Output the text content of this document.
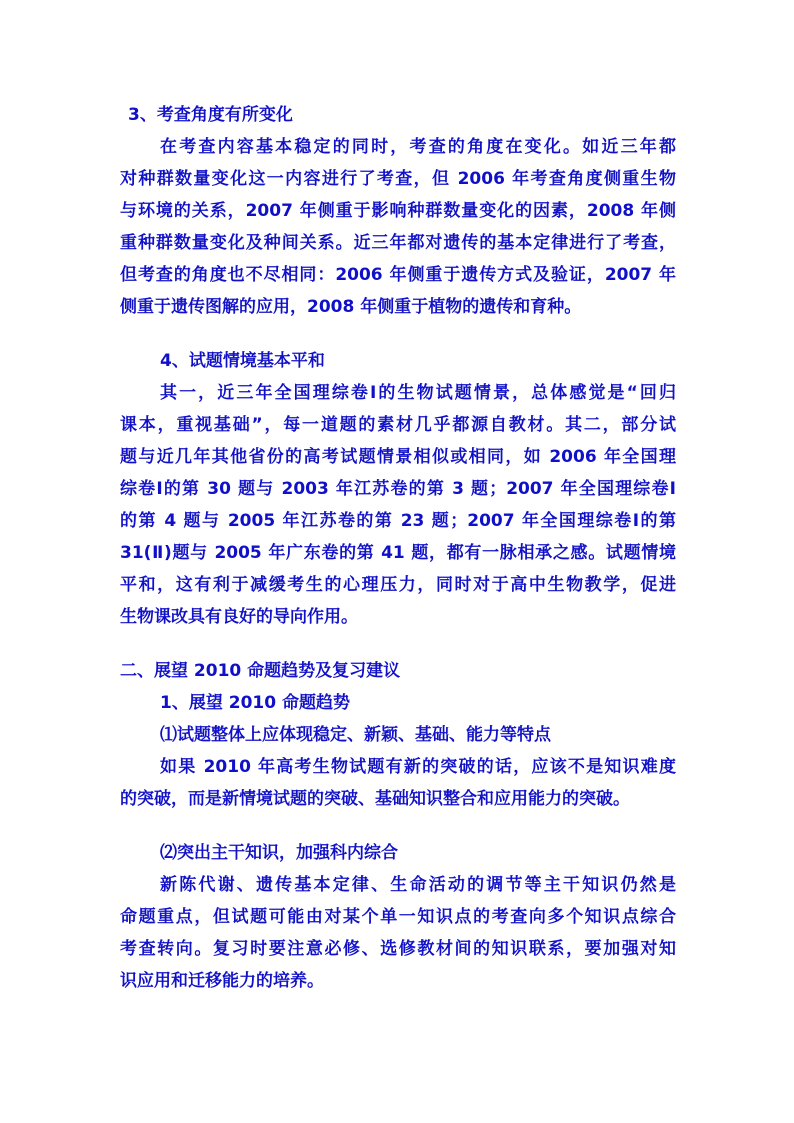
3、考查角度有所变化
在考查内容基本稳定的同时，考查的角度在变化。如近三年都
对种群数量变化这一内容进行了考查，但 2006 年考查角度侧重生物
与环境的关系，2007 年侧重于影响种群数量变化的因素，2008 年侧
重种群数量变化及种间关系。近三年都对遗传的基本定律进行了考查，
但考查的角度也不尽相同：2006 年侧重于遗传方式及验证，2007 年
侧重于遗传图解的应用，2008 年侧重于植物的遗传和育种。
4、试题情境基本平和
其一，近三年全国理综卷Ⅰ的生物试题情景，总体感觉是“回归
课本，重视基础”，每一道题的素材几乎都源自教材。其二，部分试
题与近几年其他省份的高考试题情景相似或相同，如 2006 年全国理
综卷Ⅰ的第 30 题与 2003 年江苏卷的第 3 题；2007 年全国理综卷Ⅰ
的第 4 题与 2005 年江苏卷的第 23 题；2007 年全国理综卷Ⅰ的第
31(Ⅱ)题与 2005 年广东卷的第 41 题，都有一脉相承之感。试题情境
平和，这有利于减缓考生的心理压力，同时对于高中生物教学，促进
生物课改具有良好的导向作用。
二、展望 2010 命题趋势及复习建议
1、展望 2010 命题趋势
⑴试题整体上应体现稳定、新颖、基础、能力等特点
如果 2010 年高考生物试题有新的突破的话，应该不是知识难度
的突破，而是新情境试题的突破、基础知识整合和应用能力的突破。
⑵突出主干知识，加强科内综合
新陈代谢、遗传基本定律、生命活动的调节等主干知识仍然是
命题重点，但试题可能由对某个单一知识点的考查向多个知识点综合
考查转向。复习时要注意必修、选修教材间的知识联系，要加强对知
识应用和迁移能力的培养。
